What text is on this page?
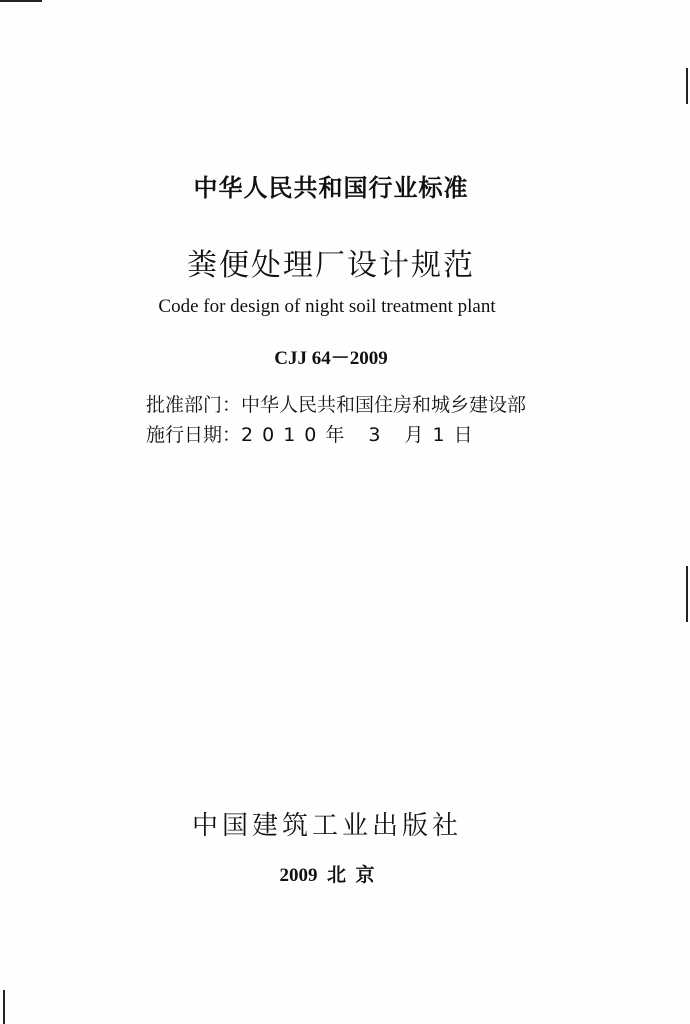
中华人民共和国行业标准
粪便处理厂设计规范
Code for design of night soil treatment plant
CJJ 64－2009
批准部门：中华人民共和国住房和城乡建设部
施行日期：2010年 3 月1日
中国建筑工业出版社
2009  北  京
